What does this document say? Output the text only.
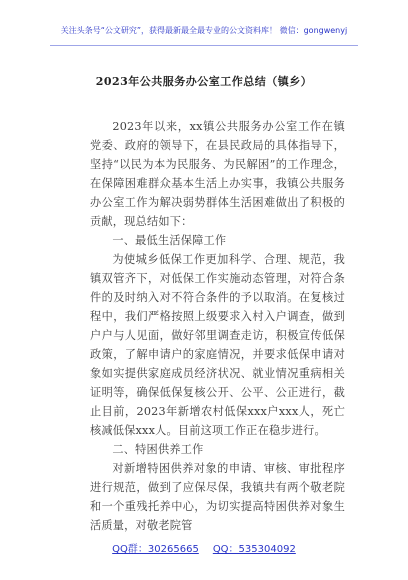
关注头条号“公文研究”，获得最新最全最专业的公文资料库！ 微信：gongwenyj
2023年公共服务办公室工作总结（镇乡）

2023年以来，xx镇公共服务办公室工作在镇党委、政府的领导下，在县民政局的具体指导下，坚持“以民为本为民服务、为民解困”的工作理念，在保障困难群众基本生活上办实事，我镇公共服务办公室工作为解决弱势群体生活困难做出了积极的贡献，现总结如下：

一、最低生活保障工作

为使城乡低保工作更加科学、合理、规范，我镇双管齐下，对低保工作实施动态管理，对符合条件的及时纳入对不符合条件的予以取消。在复核过程中，我们严格按照上级要求入村入户调查，做到户户与人见面，做好邻里调查走访，积极宣传低保政策，了解申请户的家庭情况，并要求低保申请对象如实提供家庭成员经济状况、就业情况重病相关证明等，确保低保复核公开、公平、公正进行，截止目前，2023年新增农村低保xxx户xxx人，死亡核减低保xxx人。目前这项工作正在稳步进行。

二、特困供养工作

对新增特困供养对象的申请、审核、审批程序进行规范，做到了应保尽保，我镇共有两个敬老院和一个重残托养中心，为切实提高特困供养对象生活质量，对敬老院管

QQ群：30265665 QQ：535304092
